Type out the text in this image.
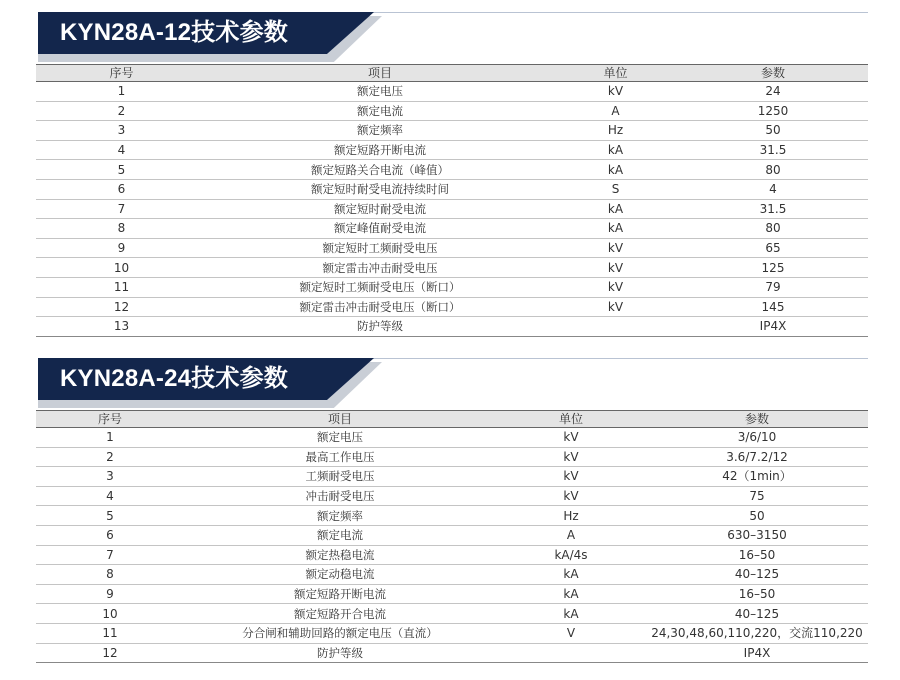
KYN28A-12技术参数
序号	项目	单位	参数
1	额定电压	kV	24
2	额定电流	A	1250
3	额定频率	Hz	50
4	额定短路开断电流	kA	31.5
5	额定短路关合电流（峰值）	kA	80
6	额定短时耐受电流持续时间	S	4
7	额定短时耐受电流	kA	31.5
8	额定峰值耐受电流	kA	80
9	额定短时工频耐受电压	kV	65
10	额定雷击冲击耐受电压	kV	125
11	额定短时工频耐受电压（断口）	kV	79
12	额定雷击冲击耐受电压（断口）	kV	145
13	防护等级		IP4X
KYN28A-24技术参数
序号	项目	单位	参数
1	额定电压	kV	3/6/10
2	最高工作电压	kV	3.6/7.2/12
3	工频耐受电压	kV	42（1min）
4	冲击耐受电压	kV	75
5	额定频率	Hz	50
6	额定电流	A	630–3150
7	额定热稳电流	kA/4s	16–50
8	额定动稳电流	kA	40–125
9	额定短路开断电流	kA	16–50
10	额定短路开合电流	kA	40–125
11	分合闸和辅助回路的额定电压（直流）	V	24,30,48,60,110,220，交流110,220
12	防护等级		IP4X
